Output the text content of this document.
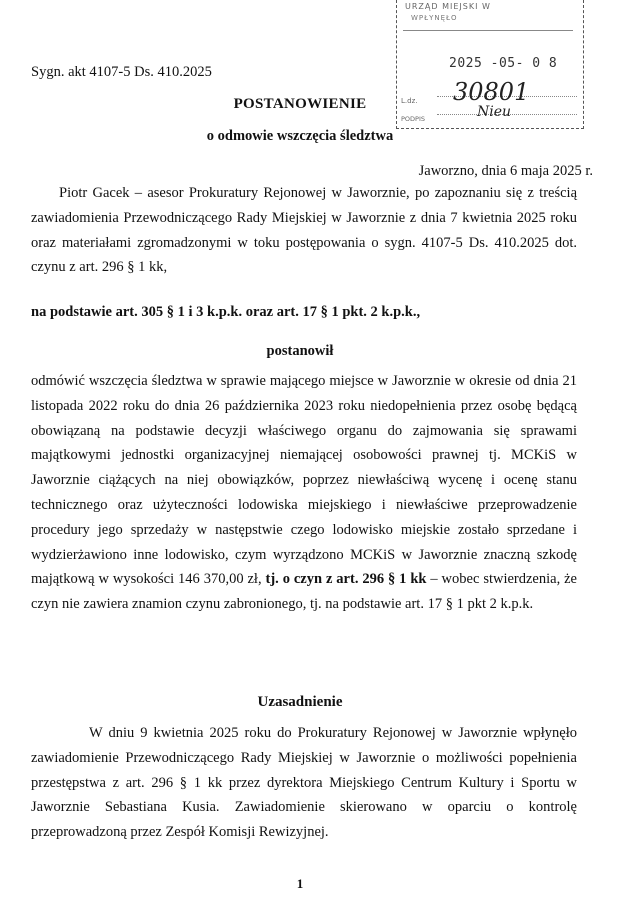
URZĄD MIEJSKI W
WPŁYNĘŁO
2025 -05- 0 8
L.dz.
PODPIS
30801
Nieu
Sygn. akt 4107-5 Ds. 410.2025
POSTANOWIENIE
o odmowie wszczęcia śledztwa
Jaworzno, dnia 6 maja 2025 r.
Piotr Gacek – asesor Prokuratury Rejonowej w Jaworznie, po zapoznaniu się z treścią zawiadomienia Przewodniczącego Rady Miejskiej w Jaworznie z dnia 7 kwietnia 2025 roku oraz materiałami zgromadzonymi w toku postępowania o sygn. 4107-5 Ds. 410.2025 dot. czynu z art. 296 § 1 kk,
na podstawie art. 305 § 1 i 3 k.p.k. oraz art. 17 § 1 pkt. 2 k.p.k.,
postanowił
odmówić wszczęcia śledztwa w sprawie mającego miejsce w Jaworznie w okresie od dnia 21 listopada 2022 roku do dnia 26 października 2023 roku niedopełnienia przez osobę będącą obowiązaną na podstawie decyzji właściwego organu do zajmowania się sprawami majątkowymi jednostki organizacyjnej niemającej osobowości prawnej tj. MCKiS w Jaworznie ciążących na niej obowiązków, poprzez niewłaściwą wycenę i ocenę stanu technicznego oraz użyteczności lodowiska miejskiego i niewłaściwe przeprowadzenie procedury jego sprzedaży w następstwie czego lodowisko miejskie zostało sprzedane i wydzierżawiono inne lodowisko, czym wyrządzono MCKiS w Jaworznie znaczną szkodę majątkową w wysokości 146 370,00 zł, tj. o czyn z art. 296 § 1 kk – wobec stwierdzenia, że czyn nie zawiera znamion czynu zabronionego, tj. na podstawie art. 17 § 1 pkt 2 k.p.k.
Uzasadnienie
W dniu 9 kwietnia 2025 roku do Prokuratury Rejonowej w Jaworznie wpłynęło zawiadomienie Przewodniczącego Rady Miejskiej w Jaworznie o możliwości popełnienia przestępstwa z art. 296 § 1 kk przez dyrektora Miejskiego Centrum Kultury i Sportu w Jaworznie Sebastiana Kusia. Zawiadomienie skierowano w oparciu o kontrolę przeprowadzoną przez Zespół Komisji Rewizyjnej.
1
